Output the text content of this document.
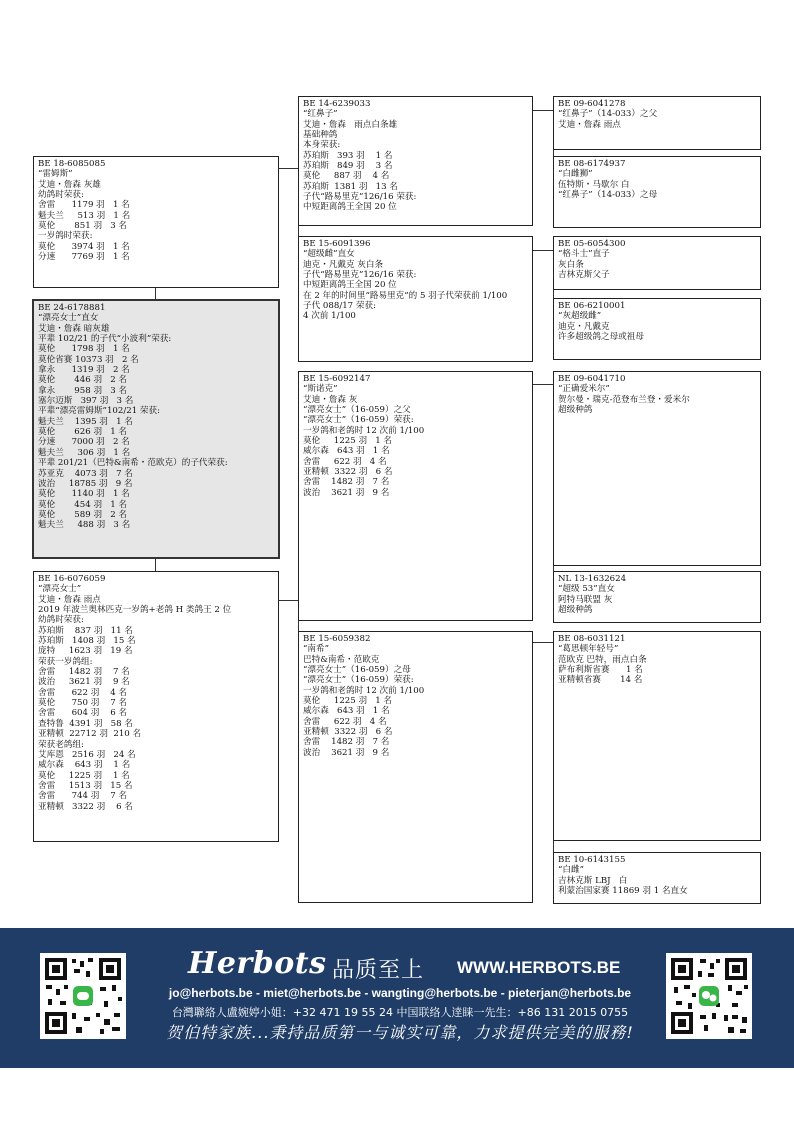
BE 18-6085085
“雷姆斯”
艾迪・詹森 灰雄
幼鸽时荣获:
舍雷      1179 羽   1 名
魁夫兰     513 羽   1 名
莫伦       851 羽   3 名
一岁鸽时荣获:
莫伦      3974 羽   1 名
分速      7769 羽   1 名
BE 24-6178881
“漂亮女士”直女
艾迪・詹森 暗灰雄
平辈 102/21 的子代“小波利”荣获:
莫伦      1798 羽   1 名
莫伦省赛 10373 羽   2 名
拿永      1319 羽   2 名
莫伦       446 羽   2 名
拿永       958 羽   3 名
塞尔迈斯   397 羽   3 名
平辈“漂亮雷姆斯”102/21 荣获:
魁夫兰    1395 羽   1 名
莫伦       626 羽   1 名
分速      7000 羽   2 名
魁夫兰     306 羽   1 名
平辈 201/21（巴特&南希・范欧克）的子代荣获:
苏亚克    4073 羽   7 名
波治     18785 羽   9 名
莫伦      1140 羽   1 名
莫伦       454 羽   1 名
莫伦       589 羽   2 名
魁夫兰     488 羽   3 名
BE 16-6076059
“漂亮女士”
艾迪・詹森 雨点
2019 年波兰奥林匹克一岁鸽+老鸽 H 类鸽王 2 位
幼鸽时荣获:
苏珀斯    837 羽   11 名
苏珀斯   1408 羽   15 名
庞特     1623 羽   19 名
荣获一岁鸽组:
舍雷     1482 羽    7 名
波治     3621 羽    9 名
舍雷      622 羽    4 名
莫伦      750 羽    7 名
舍雷      604 羽    6 名
查特鲁  4391 羽   58 名
亚精顿  22712 羽  210 名
荣获老鸽组:
艾库恩   2516 羽   24 名
威尔森    643 羽    1 名
莫伦     1225 羽    1 名
舍雷     1513 羽   15 名
舍雷      744 羽    7 名
亚精顿   3322 羽    6 名
BE 14-6239033
“红鼻子”
艾迪・詹森   雨点白条雄
基础种鸽
本身荣获:
苏珀斯   393 羽    1 名
苏珀斯   849 羽    3 名
莫伦     887 羽    4 名
苏珀斯  1381 羽   13 名
子代“路易里克”126/16 荣获:
中短距离鸽王全国 20 位
BE 15-6091396
“超级雌”直女
迪克・凡戴克 灰白条
子代“路易里克”126/16 荣获:
中短距离鸽王全国 20 位
在 2 年的时间里“路易里克”的 5 羽子代荣获前 1/100
子代 088/17 荣获:
4 次前 1/100
BE 15-6092147
“斯诺克”
艾迪・詹森 灰
“漂亮女士”（16-059）之父
“漂亮女士”（16-059）荣获:
一岁鸽和老鸽时 12 次前 1/100
莫伦     1225 羽   1 名
威尔森   643 羽   1 名
舍雷     622 羽   4 名
亚精顿  3322 羽   6 名
舍雷    1482 羽   7 名
波治    3621 羽   9 名
BE 15-6059382
“南希”
巴特&南希・范欧克
“漂亮女士”（16-059）之母
“漂亮女士”（16-059）荣获:
一岁鸽和老鸽时 12 次前 1/100
莫伦     1225 羽   1 名
威尔森   643 羽   1 名
舍雷     622 羽   4 名
亚精顿  3322 羽   6 名
舍雷    1482 羽   7 名
波治    3621 羽   9 名
BE 09-6041278
“红鼻子”（14-033）之父
艾迪・詹森 雨点
BE 08-6174937
“白雌狮”
伍特斯・马歇尔 白
“红鼻子”（14-033）之母
BE 05-6054300
“格斗士”直子
灰白条
吉林克斯父子
BE 06-6210001
“灰超级雌”
迪克・凡戴克
许多超级鸽之母或祖母
BE 09-6041710
“正确爱米尔”
贺尔曼・瑞克-范登布兰登・爱米尔
超级种鸽
NL 13-1632624
“超级 53”直女
阿特马联盟 灰
超级种鸽
BE 08-6031121
“葛思顿年轻号”
范欧克 巴特，雨点白条
萨布利斯省赛      1 名
亚精顿省赛       14 名
BE 10-6143155
“白雌”
吉林克斯 LBJ   白
利蒙治国家赛 11869 羽 1 名直女
Herbots 品质至上 WWW.HERBOTS.BE
jo@herbots.be - miet@herbots.be - wangting@herbots.be - pieterjan@herbots.be
台灣聯絡人盧婉婷小姐：+32 471 19 55 24 中国联络人逹睐一先生：+86 131 2015 0755
贺伯特家族...秉持品质第一与诚实可靠，力求提供完美的服務!
